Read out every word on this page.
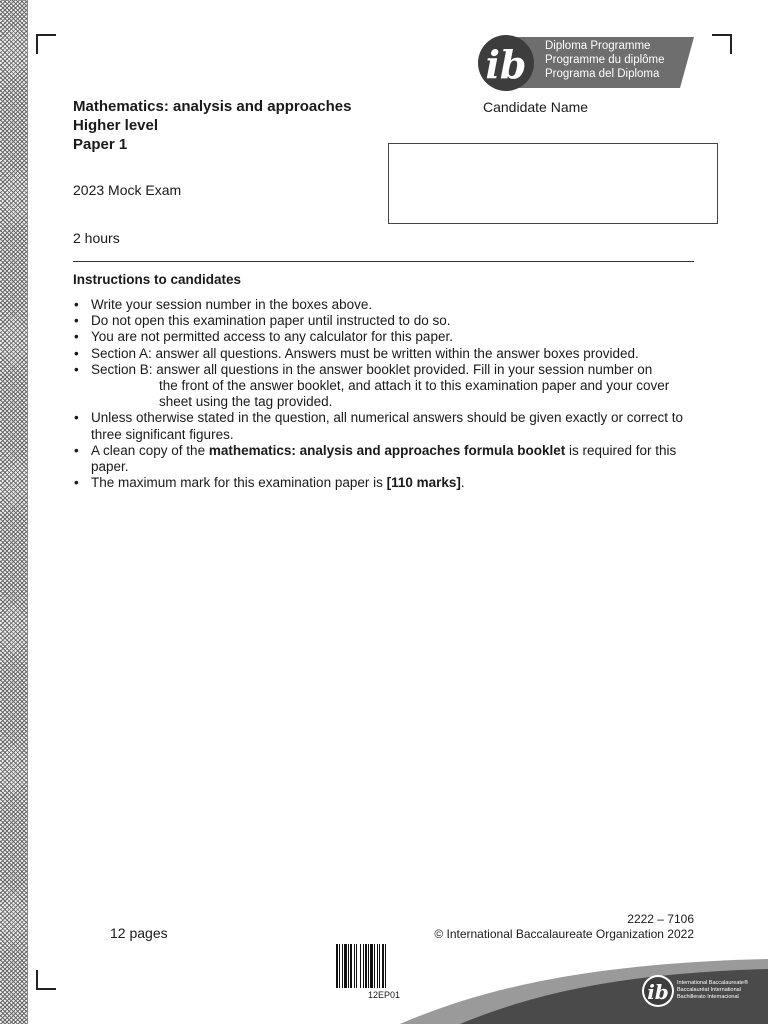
ib Diploma Programme
Programme du diplôme
Programa del Diploma
Mathematics: analysis and approaches
Higher level
Paper 1
2023 Mock Exam
2 hours
Candidate Name
Instructions to candidates
• Write your session number in the boxes above.
• Do not open this examination paper until instructed to do so.
• You are not permitted access to any calculator for this paper.
• Section A: answer all questions. Answers must be written within the answer boxes provided.
• Section B: answer all questions in the answer booklet provided. Fill in your session number on
the front of the answer booklet, and attach it to this examination paper and your cover sheet using the tag provided.
• Unless otherwise stated in the question, all numerical answers should be given exactly or correct to three significant figures.
• A clean copy of the mathematics: analysis and approaches formula booklet is required for this paper.
• The maximum mark for this examination paper is [110 marks].
12 pages
2222 – 7106
© International Baccalaureate Organization 2022
12EP01	ib International Baccalaureate®
Baccalauréat International
Bachillerato Internacional
